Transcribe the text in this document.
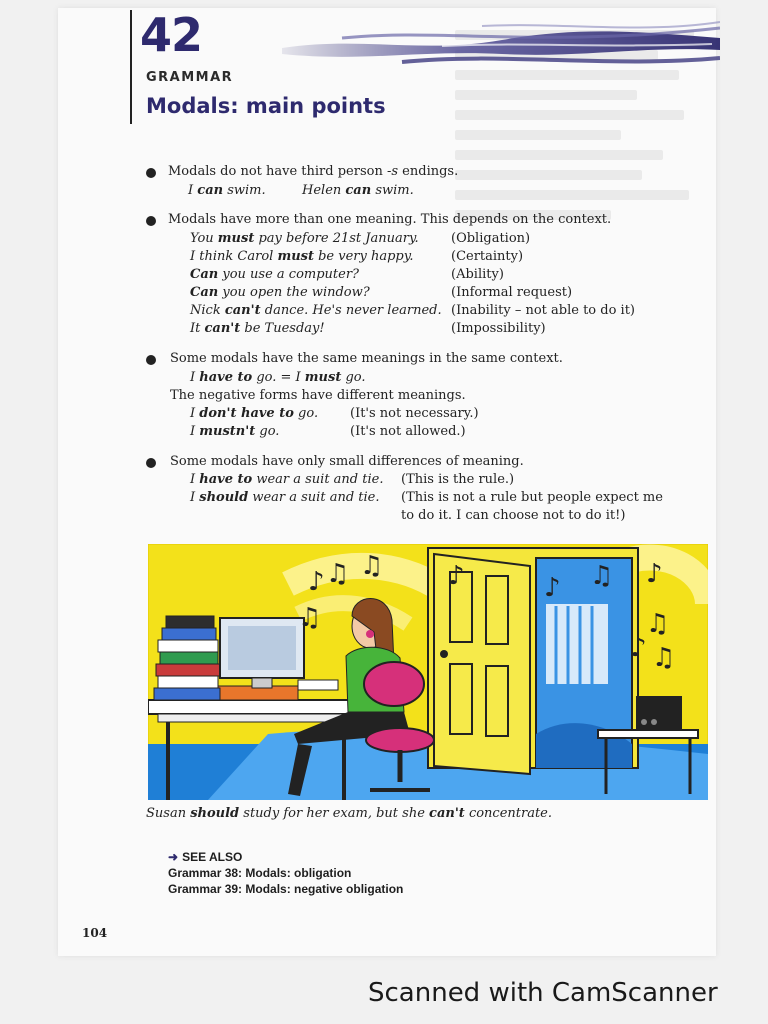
42
GRAMMAR
Modals: main points
Modals do not have third person -s endings.
I can swim.	Helen can swim.
Modals have more than one meaning. This depends on the context.
You must pay before 21st January. (Obligation)
I think Carol must be very happy.	(Certainty)
Can you use a computer?	(Ability)
Can you open the window?	(Informal request)
Nick can't dance. He's never learned. (Inability – not able to do it)
It can't be Tuesday!	(Impossibility)
Some modals have the same meanings in the same context.
I have to go. = I must go.
The negative forms have different meanings.
I don't have to go. (It's not necessary.)
I mustn't go.	(It's not allowed.)
Some modals have only small differences of meaning.
I have to wear a suit and tie. (This is the rule.)
I should wear a suit and tie. (This is not a rule but people expect me
to do it. I can choose not to do it!)
♪ ♫ ♫
♫
♪	♪ ♫ ♪
♫
♫
♪
Susan should study for her exam, but she can't concentrate.
➜ SEE ALSO
Grammar 38: Modals: obligation
Grammar 39: Modals: negative obligation
104
Scanned with CamScanner
